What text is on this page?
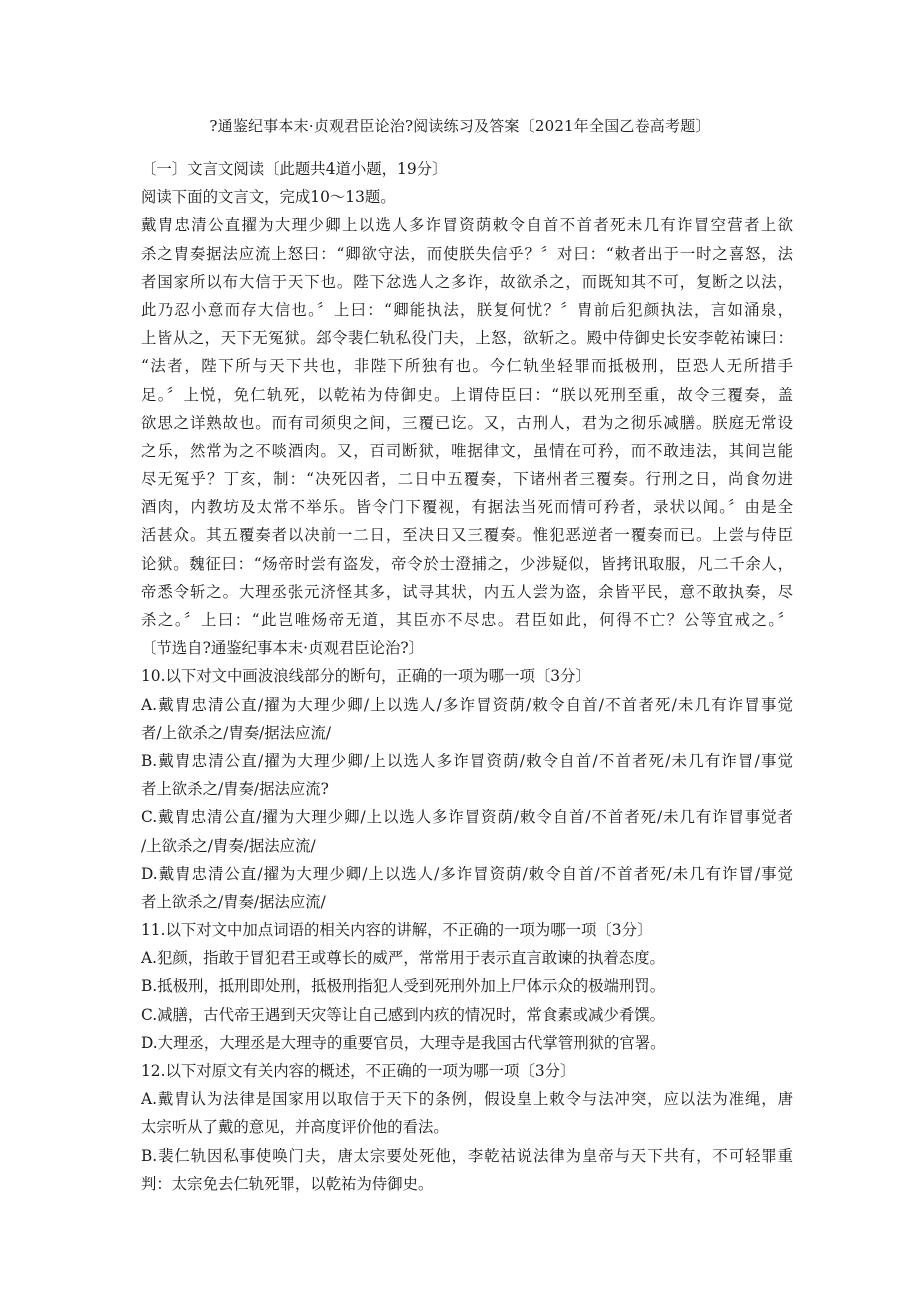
?通鉴纪事本末·贞观君臣论治?阅读练习及答案〔2021年全国乙卷高考题〕
〔一〕文言文阅读〔此题共4道小题，19分〕
阅读下面的文言文，完成10～13题。
戴胄忠清公直擢为大理少卿上以选人多诈冒资荫敕令自首不首者死未几有诈冒空营者上欲
杀之胄奏据法应流上怒曰：“卿欲守法，而使朕失信乎？〞对曰：“敕者出于一时之喜怒，法
者国家所以布大信于天下也。陛下忿选人之多诈，故欲杀之，而既知其不可，复断之以法，
此乃忍小意而存大信也。〞上曰：“卿能执法，朕复何忧？〞胄前后犯颜执法，言如涌泉，
上皆从之，天下无冤狱。郐令裴仁轨私役门夫，上怒，欲斩之。殿中侍御史长安李乾祐谏曰：
“法者，陛下所与天下共也，非陛下所独有也。今仁轨坐轻罪而抵极刑，臣恐人无所措手
足。〞上悦，免仁轨死，以乾祐为侍御史。上谓侍臣曰：“朕以死刑至重，故令三覆奏，盖
欲思之详熟故也。而有司须臾之间，三覆已讫。又，古刑人，君为之彻乐减膳。朕庭无常设
之乐，然常为之不啖酒肉。又，百司断狱，唯据律文，虽情在可矜，而不敢违法，其间岂能
尽无冤乎？丁亥，制：“决死囚者，二日中五覆奏，下诸州者三覆奏。行刑之日，尚食勿进
酒肉，内教坊及太常不举乐。皆令门下覆视，有据法当死而情可矜者，录状以闻。〞由是全
活甚众。其五覆奏者以决前一二日，至决日又三覆奏。惟犯恶逆者一覆奏而已。上尝与侍臣
论狱。魏征曰：“炀帝时尝有盗发，帝令於士澄捕之，少涉疑似，皆拷讯取服，凡二千余人，
帝悉令斩之。大理丞张元济怪其多，试寻其状，内五人尝为盗，余皆平民，意不敢执奏，尽
杀之。〞上曰：“此岂唯炀帝无道，其臣亦不尽忠。君臣如此，何得不亡？公等宜戒之。〞
〔节选自?通鉴纪事本末·贞观君臣论治?〕
10.以下对文中画波浪线部分的断句，正确的一项为哪一项〔3分〕
A.戴胄忠清公直/擢为大理少卿/上以选人/多诈冒资荫/敕令自首/不首者死/未几有诈冒事觉
者/上欲杀之/胄奏/据法应流/
B.戴胄忠清公直/擢为大理少卿/上以选人多诈冒资荫/敕令自首/不首者死/未几有诈冒/事觉
者上欲杀之/胄奏/据法应流?
C.戴胄忠清公直/擢为大理少卿/上以选人多诈冒资荫/敕令自首/不首者死/未几有诈冒事觉者
/上欲杀之/胄奏/据法应流/
D.戴胄忠清公直/擢为大理少卿/上以选人/多诈冒资荫/敕令自首/不首者死/未几有诈冒/事觉
者上欲杀之/胄奏/据法应流/
11.以下对文中加点词语的相关内容的讲解，不正确的一项为哪一项〔3分〕
A.犯颜，指敢于冒犯君王或尊长的威严，常常用于表示直言敢谏的执着态度。
B.抵极刑，抵刑即处刑，抵极刑指犯人受到死刑外加上尸体示众的极端刑罚。
C.减膳，古代帝王遇到天灾等让自己感到内疚的情况时，常食素或减少肴馔。
D.大理丞，大理丞是大理寺的重要官员，大理寺是我国古代掌管刑狱的官署。
12.以下对原文有关内容的概述，不正确的一项为哪一项〔3分〕
A.戴胄认为法律是国家用以取信于天下的条例，假设皇上敕令与法冲突，应以法为准绳，唐
太宗听从了戴的意见，并高度评价他的看法。
B.裴仁轨因私事使唤门夫，唐太宗要处死他，李乾祜说法律为皇帝与天下共有，不可轻罪重
判：太宗免去仁轨死罪，以乾祐为侍御史。
